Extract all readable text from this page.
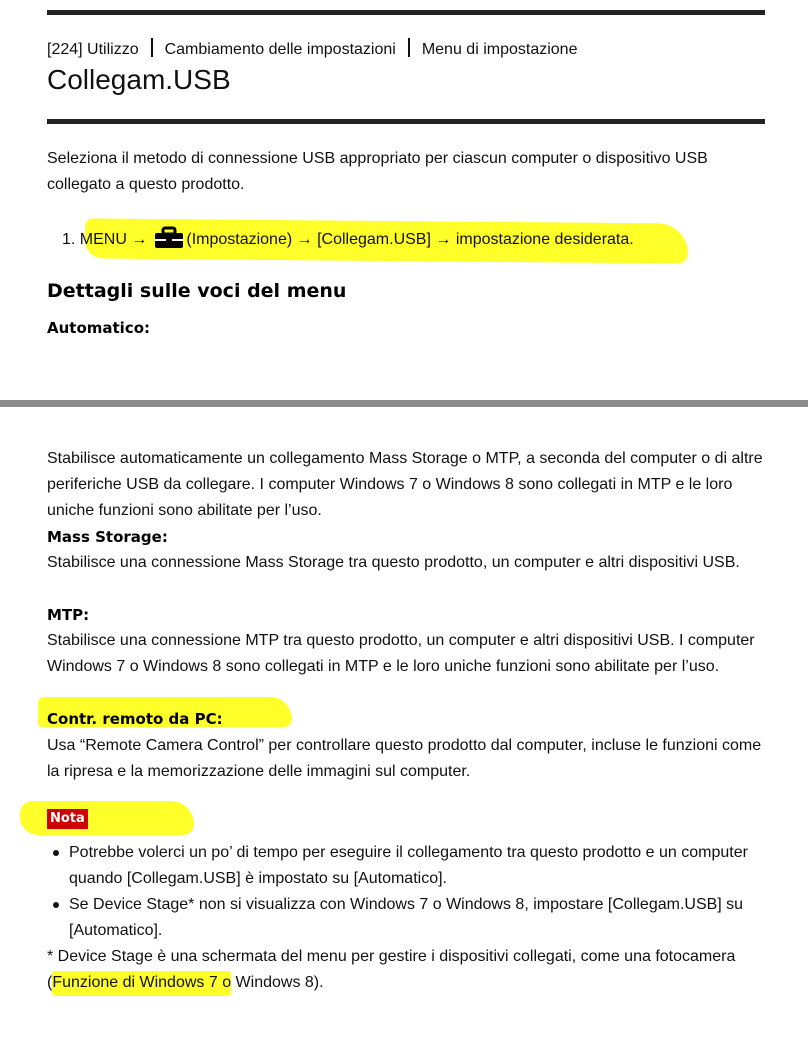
[224] Utilizzo Cambiamento delle impostazioni Menu di impostazione
Collegam.USB

Seleziona il metodo di connessione USB appropriato per ciascun computer o dispositivo USB collegato a questo prodotto.

1. MENU → (Impostazione) → [Collegam.USB] → impostazione desiderata.
Dettagli sulle voci del menu

Automatico:

Stabilisce automaticamente un collegamento Mass Storage o MTP, a seconda del computer o di altre periferiche USB da collegare. I computer Windows 7 o Windows 8 sono collegati in MTP e le loro uniche funzioni sono abilitate per l’uso.

Mass Storage:

Stabilisce una connessione Mass Storage tra questo prodotto, un computer e altri dispositivi USB.

MTP:

Stabilisce una connessione MTP tra questo prodotto, un computer e altri dispositivi USB. I computer Windows 7 o Windows 8 sono collegati in MTP e le loro uniche funzioni sono abilitate per l’uso.

Contr. remoto da PC:

Usa “Remote Camera Control” per controllare questo prodotto dal computer, incluse le funzioni come la ripresa e la memorizzazione delle immagini sul computer.

Nota
Potrebbe volerci un po’ di tempo per eseguire il collegamento tra questo prodotto e un computer quando [Collegam.USB] è impostato su [Automatico].
Se Device Stage* non si visualizza con Windows 7 o Windows 8, impostare [Collegam.USB] su [Automatico].

* Device Stage è una schermata del menu per gestire i dispositivi collegati, come una fotocamera (Funzione di Windows 7 o Windows 8).
